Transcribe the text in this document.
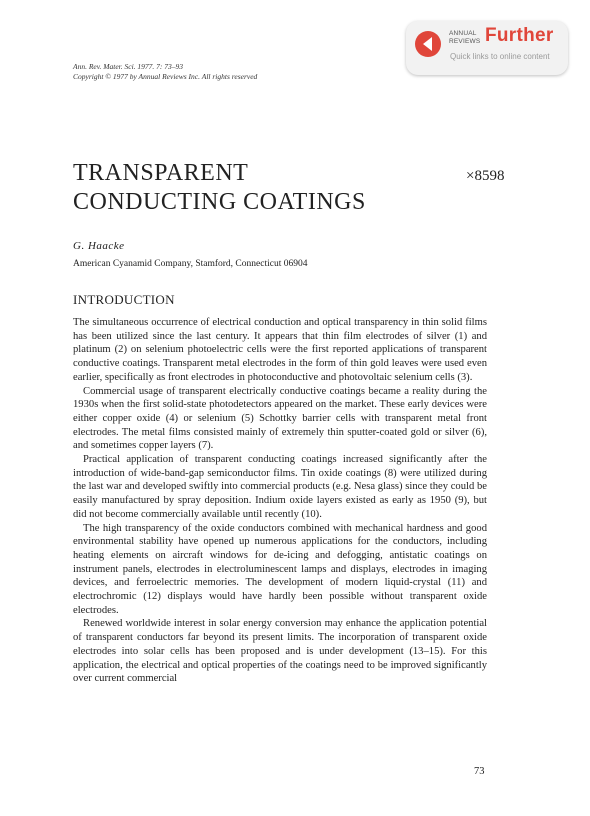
ANNUAL
REVIEWS Further
Quick links to online content
Ann. Rev. Mater. Sci. 1977. 7: 73–93
Copyright © 1977 by Annual Reviews Inc. All rights reserved
TRANSPARENT
CONDUCTING COATINGS
×8598
G. Haacke
American Cyanamid Company, Stamford, Connecticut 06904
INTRODUCTION

The simultaneous occurrence of electrical conduction and optical transparency in thin solid films has been utilized since the last century. It appears that thin film electrodes of silver (1) and platinum (2) on selenium photoelectric cells were the first reported applications of transparent conductive coatings. Transparent metal electrodes in the form of thin gold leaves were used even earlier, specifically as front electrodes in photoconductive and photovoltaic selenium cells (3).

Commercial usage of transparent electrically conductive coatings became a reality during the 1930s when the first solid-state photodetectors appeared on the market. These early devices were either copper oxide (4) or selenium (5) Schottky barrier cells with transparent metal front electrodes. The metal films consisted mainly of extremely thin sputter-coated gold or silver (6), and sometimes copper layers (7).

Practical application of transparent conducting coatings increased significantly after the introduction of wide-band-gap semiconductor films. Tin oxide coatings (8) were utilized during the last war and developed swiftly into commercial products (e.g. Nesa glass) since they could be easily manufactured by spray deposition. Indium oxide layers existed as early as 1950 (9), but did not become commercially available until recently (10).

The high transparency of the oxide conductors combined with mechanical hardness and good environmental stability have opened up numerous applications for the conductors, including heating elements on aircraft windows for de-icing and defogging, antistatic coatings on instrument panels, electrodes in electroluminescent lamps and displays, electrodes in imaging devices, and ferroelectric memories. The development of modern liquid-crystal (11) and electrochromic (12) displays would have hardly been possible without transparent oxide electrodes.

Renewed worldwide interest in solar energy conversion may enhance the application potential of transparent conductors far beyond its present limits. The incorporation of transparent oxide electrodes into solar cells has been proposed and is under development (13–15). For this application, the electrical and optical properties of the coatings need to be improved significantly over current commercial

73
